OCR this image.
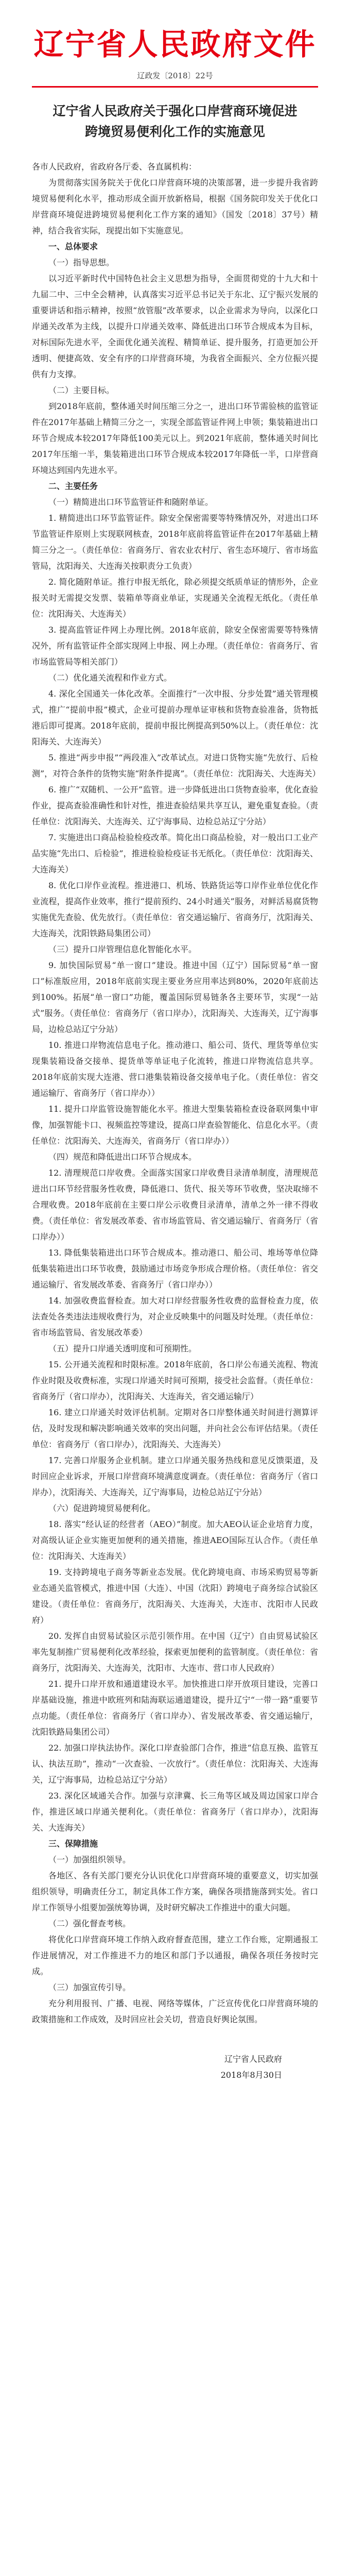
辽宁省人民政府文件
辽政发〔2018〕22号
辽宁省人民政府关于强化口岸营商环境促进跨境贸易便利化工作的实施意见

各市人民政府，省政府各厅委、各直属机构：

为贯彻落实国务院关于优化口岸营商环境的决策部署，进一步提升我省跨境贸易便利化水平，推动形成全面开放新格局，根据《国务院印发关于优化口岸营商环境促进跨境贸易便利化工作方案的通知》（国发〔2018〕37号）精神，结合我省实际，现提出如下实施意见。

一、总体要求

（一）指导思想。

以习近平新时代中国特色社会主义思想为指导，全面贯彻党的十九大和十九届二中、三中全会精神，认真落实习近平总书记关于东北、辽宁振兴发展的重要讲话和指示精神，按照“放管服”改革要求，以企业需求为导向，以深化口岸通关改革为主线，以提升口岸通关效率、降低进出口环节合规成本为目标，对标国际先进水平，全面优化通关流程、精简单证、提升服务，打造更加公开透明、便捷高效、安全有序的口岸营商环境，为我省全面振兴、全方位振兴提供有力支撑。

（二）主要目标。

到2018年底前，整体通关时间压缩三分之一，进出口环节需验核的监管证件在2017年基础上精简三分之一，实现全部监管证件网上申领；集装箱进出口环节合规成本较2017年降低100美元以上。到2021年底前，整体通关时间比2017年压缩一半，集装箱进出口环节合规成本较2017年降低一半，口岸营商环境达到国内先进水平。

二、主要任务

（一）精简进出口环节监管证件和随附单证。

1. 精简进出口环节监管证件。除安全保密需要等特殊情况外，对进出口环节监管证件原则上实现联网核查，2018年底前将监管证件在2017年基础上精简三分之一。（责任单位：省商务厅、省农业农村厅、省生态环境厅、省市场监管局，沈阳海关、大连海关按职责分工负责）

2. 简化随附单证。推行申报无纸化，除必须提交纸质单证的情形外，企业报关时无需提交发票、装箱单等商业单证，实现通关全流程无纸化。（责任单位：沈阳海关、大连海关）

3. 提高监管证件网上办理比例。2018年底前，除安全保密需要等特殊情况外，所有监管证件全部实现网上申报、网上办理。（责任单位：省商务厅、省市场监管局等相关部门）

（二）优化通关流程和作业方式。

4. 深化全国通关一体化改革。全面推行“一次申报、分步处置”通关管理模式，推广“提前申报”模式，企业可提前办理单证审核和货物查验准备，货物抵港后即可提离。2018年底前，提前申报比例提高到50%以上。（责任单位：沈阳海关、大连海关）

5. 推进“两步申报”“两段准入”改革试点。对进口货物实施“先放行、后检测”，对符合条件的货物实施“附条件提离”。（责任单位：沈阳海关、大连海关）

6. 推广“双随机、一公开”监管。进一步降低进出口货物查验率，优化查验作业，提高查验准确性和针对性，推进查验结果共享互认，避免重复查验。（责任单位：沈阳海关、大连海关、辽宁海事局、边检总站辽宁分站）

7. 实施进出口商品检验检疫改革。简化出口商品检验，对一般出口工业产品实施“先出口、后检验”，推进检验检疫证书无纸化。（责任单位：沈阳海关、大连海关）

8. 优化口岸作业流程。推进港口、机场、铁路货运等口岸作业单位优化作业流程，提高作业效率，推行“提前预约、24小时通关”服务，对鲜活易腐货物实施优先查验、优先放行。（责任单位：省交通运输厅、省商务厅，沈阳海关、大连海关，沈阳铁路局集团公司）

（三）提升口岸管理信息化智能化水平。

9. 加快国际贸易“单一窗口”建设。推进中国（辽宁）国际贸易“单一窗口”标准版应用，2018年底前实现主要业务应用率达到80%，2020年底前达到100%。拓展“单一窗口”功能，覆盖国际贸易链条各主要环节，实现“一站式”服务。（责任单位：省商务厅（省口岸办），沈阳海关、大连海关，辽宁海事局，边检总站辽宁分站）

10. 推进口岸物流信息电子化。推动港口、船公司、货代、理货等单位实现集装箱设备交接单、提货单等单证电子化流转，推进口岸物流信息共享。2018年底前实现大连港、营口港集装箱设备交接单电子化。（责任单位：省交通运输厅、省商务厅（省口岸办））

11. 提升口岸监管设施智能化水平。推进大型集装箱检查设备联网集中审像，加强智能卡口、视频监控等建设，提高口岸查验智能化、信息化水平。（责任单位：沈阳海关、大连海关，省商务厅（省口岸办））

（四）规范和降低进出口环节合规成本。

12. 清理规范口岸收费。全面落实国家口岸收费目录清单制度，清理规范进出口环节经营服务性收费，降低港口、货代、报关等环节收费，坚决取缔不合理收费。2018年底前在主要口岸公示收费目录清单，清单之外一律不得收费。（责任单位：省发展改革委、省市场监管局、省交通运输厅、省商务厅（省口岸办））

13. 降低集装箱进出口环节合规成本。推动港口、船公司、堆场等单位降低集装箱进出口环节收费，鼓励通过市场竞争形成合理价格。（责任单位：省交通运输厅、省发展改革委、省商务厅（省口岸办））

14. 加强收费监督检查。加大对口岸经营服务性收费的监督检查力度，依法查处各类违法违规收费行为，对企业反映集中的问题及时处理。（责任单位：省市场监管局、省发展改革委）

（五）提升口岸通关透明度和可预期性。

15. 公开通关流程和时限标准。2018年底前，各口岸公布通关流程、物流作业时限及收费标准，实现口岸通关时间可预期，接受社会监督。（责任单位：省商务厅（省口岸办），沈阳海关、大连海关，省交通运输厅）

16. 建立口岸通关时效评估机制。定期对各口岸整体通关时间进行测算评估，及时发现和解决影响通关效率的突出问题，并向社会公布评估结果。（责任单位：省商务厅（省口岸办），沈阳海关、大连海关）

17. 完善口岸服务企业机制。建立口岸通关服务热线和意见反馈渠道，及时回应企业诉求，开展口岸营商环境满意度调查。（责任单位：省商务厅（省口岸办），沈阳海关、大连海关，辽宁海事局，边检总站辽宁分站）

（六）促进跨境贸易便利化。

18. 落实“经认证的经营者（AEO）”制度。加大AEO认证企业培育力度，对高级认证企业实施更加便利的通关措施，推进AEO国际互认合作。（责任单位：沈阳海关、大连海关）

19. 支持跨境电子商务等新业态发展。优化跨境电商、市场采购贸易等新业态通关监管模式，推进中国（大连）、中国（沈阳）跨境电子商务综合试验区建设。（责任单位：省商务厅，沈阳海关、大连海关，大连市、沈阳市人民政府）

20. 发挥自由贸易试验区示范引领作用。在中国（辽宁）自由贸易试验区率先复制推广贸易便利化改革经验，探索更加便利的监管制度。（责任单位：省商务厅，沈阳海关、大连海关，沈阳市、大连市、营口市人民政府）

21. 提升口岸开放和通道建设水平。加快推进口岸开放项目建设，完善口岸基础设施，推进中欧班列和陆海联运通道建设，提升辽宁“一带一路”重要节点功能。（责任单位：省商务厅（省口岸办）、省发展改革委、省交通运输厅，沈阳铁路局集团公司）

22. 加强口岸执法协作。深化口岸查验部门合作，推进“信息互换、监管互认、执法互助”，推动“一次查验、一次放行”。（责任单位：沈阳海关、大连海关，辽宁海事局，边检总站辽宁分站）

23. 深化区域通关合作。加强与京津冀、长三角等区域及周边国家口岸合作，推进区域口岸通关便利化。（责任单位：省商务厅（省口岸办），沈阳海关、大连海关）

三、保障措施

（一）加强组织领导。

各地区、各有关部门要充分认识优化口岸营商环境的重要意义，切实加强组织领导，明确责任分工，制定具体工作方案，确保各项措施落到实处。省口岸工作领导小组要加强统筹协调，及时研究解决工作推进中的重大问题。

（二）强化督查考核。

将优化口岸营商环境工作纳入政府督查范围，建立工作台账，定期通报工作进展情况，对工作推进不力的地区和部门予以通报，确保各项任务按时完成。

（三）加强宣传引导。

充分利用报刊、广播、电视、网络等媒体，广泛宣传优化口岸营商环境的政策措施和工作成效，及时回应社会关切，营造良好舆论氛围。

辽宁省人民政府
2018年8月30日
